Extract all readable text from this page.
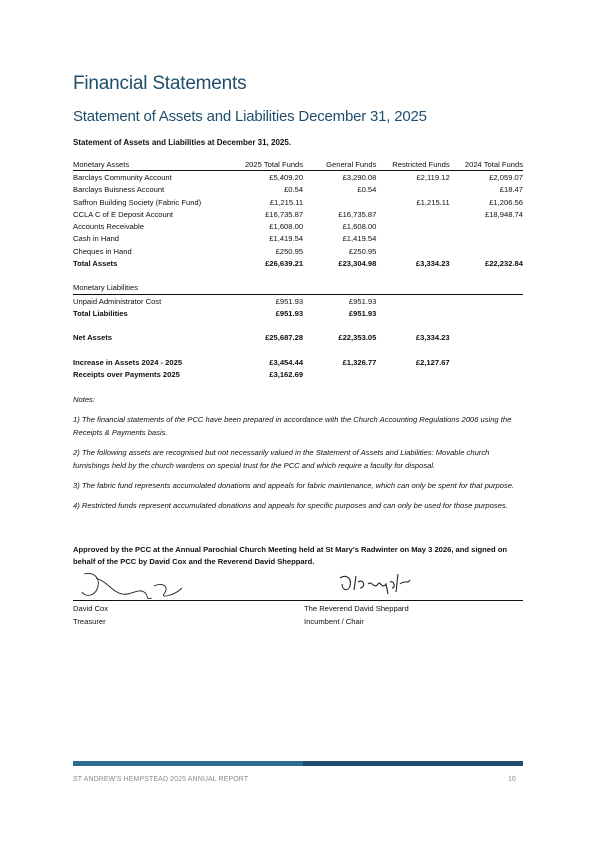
Financial Statements
Statement of Assets and Liabilities December 31, 2025
Statement of Assets and Liabilities at December 31, 2025.
Monetary Assets	2025 Total Funds	General Funds	Restricted Funds	2024 Total Funds
Barclays Community Account	£5,409.20	£3,290.08	£2,119.12	£2,059.07
Barclays Buisness Account	£0.54	£0.54		£18.47
Saffron Building Society (Fabric Fund)	£1,215.11		£1,215.11	£1,206.56
CCLA C of E Deposit Account	£16,735.87	£16,735.87		£18,948.74
Accounts Receivable	£1,608.00	£1,608.00		
Cash in Hand	£1,419.54	£1,419.54		
Cheques in Hand	£250.95	£250.95		
Total Assets	£26,639.21	£23,304.98	£3,334.23	£22,232.84

Monetary Liabilities				
Unpaid Administrator Cost	£951.93	£951.93		
Total Liabilities	£951.93	£951.93		

Net Assets	£25,687.28	£22,353.05	£3,334.23	

Increase in Assets 2024 - 2025	£3,454.44	£1,326.77	£2,127.67	
Receipts over Payments 2025	£3,162.69			

Notes:

1) The financial statements of the PCC have been prepared in accordance with the Church Accounting Regulations 2006 using the Receipts & Payments basis.

2) The following assets are recognised but not necessarily valued in the Statement of Assets and Liabilities: Movable church furnishings held by the church wardens on special trust for the PCC and which require a faculty for disposal.

3) The fabric fund represents accumulated donations and appeals for fabric maintenance, which can only be spent for that purpose.

4) Restricted funds represent accumulated donations and appeals for specific purposes and can only be used for those purposes.

Approved by the PCC at the Annual Parochial Church Meeting held at St Mary's Radwinter on May 3 2026, and signed on behalf of the PCC by David Cox and the Reverend David Sheppard.
David Cox
Treasurer
The Reverend David Sheppard
Incumbent / Chair
ST ANDREW'S HEMPSTEAD 2025 ANNUAL REPORT	10
